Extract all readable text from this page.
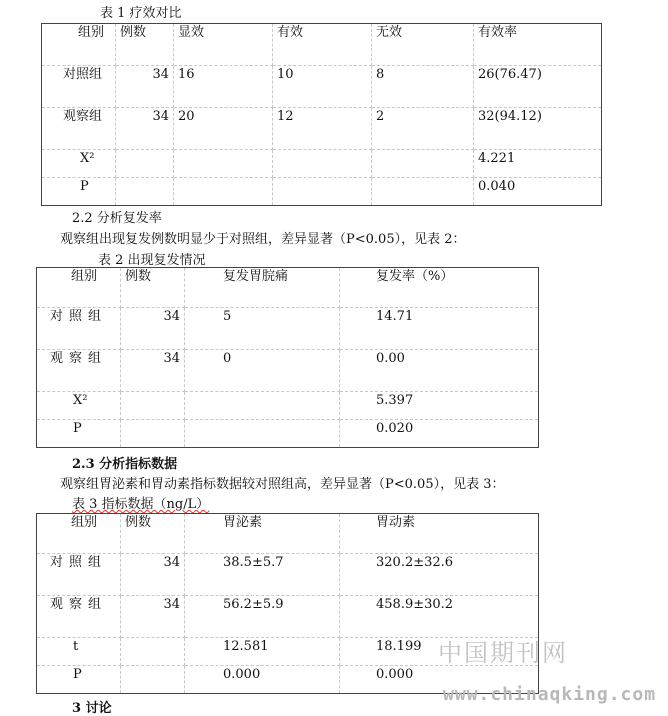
表 1 疗效对比
组别	例数	显效	有效	无效	有效率
对照组	34	16	10	8	26(76.47)
观察组	34	20	12	2	32(94.12)
X²					4.221
P					0.040
2.2 分析复发率
观察组出现复发例数明显少于对照组，差异显著（P<0.05），见表 2：
表 2 出现复发情况
组别	例数	复发胃脘痛	复发率（%）
对照组	34	5	14.71
观察组	34	0	0.00
X²			5.397
P			0.020
2.3 分析指标数据
观察组胃泌素和胃动素指标数据较对照组高，差异显著（P<0.05），见表 3：
表 3 指标数据（ng/L）
组别	例数	胃泌素	胃动素
对照组	34	38.5±5.7	320.2±32.6
观察组	34	56.2±5.9	458.9±30.2
t		12.581	18.199
P		0.000	0.000
3 讨论
中国期刊网
www.chinaqking.com
